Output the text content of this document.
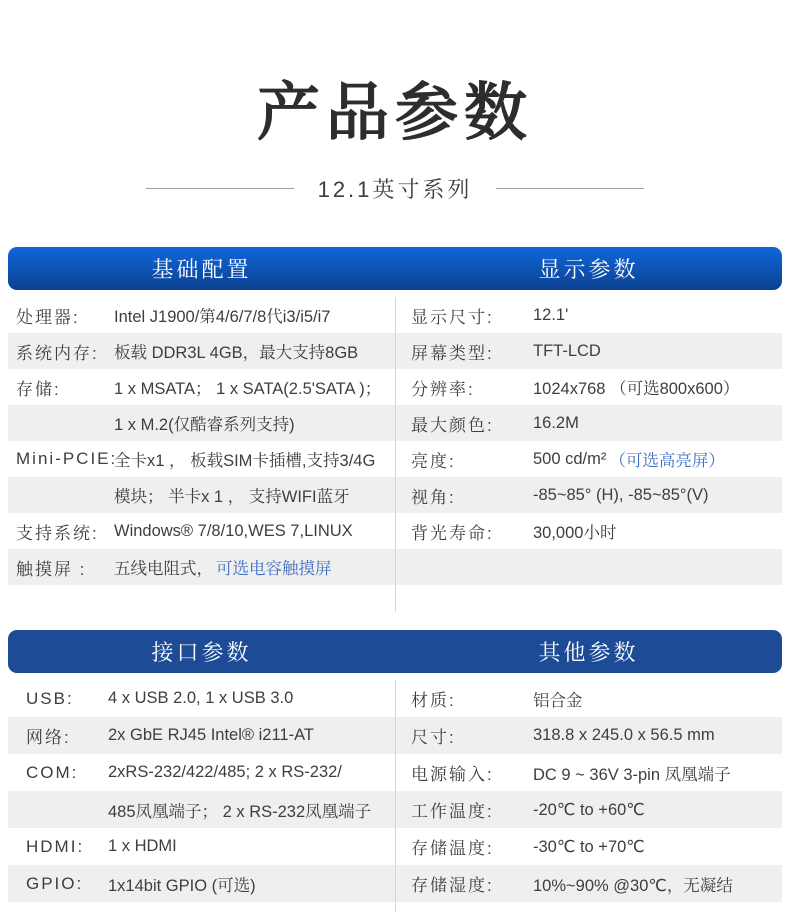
产品参数
12.1英寸系列
基础配置	显示参数
处理器:	Intel J1900/第4/6/7/8代i3/i5/i7
系统内存: 板载 DDR3L 4GB，最大支持8GB
存储:	1 x MSATA； 1 x SATA(2.5'SATA )；
1 x M.2(仅酷睿系列支持)
Mini-PCIE:
全卡x1 ， 板载SIM卡插槽,支持3/4G
模块； 半卡x 1 ， 支持WIFI蓝牙
支持系统: Windows® 7/8/10,WES 7,LINUX
触摸屏 :	五线电阻式， 可选电容触摸屏
显示尺寸:	12.1'
屏幕类型:	TFT-LCD
分辨率:	1024x768 （可选800x600）
最大颜色:	16.2M
亮度:	500 cd/m² （可选高亮屏）
视角:	-85~85° (H), -85~85°(V)
背光寿命:	30,000小时
接口参数	其他参数
USB:	4 x USB 2.0, 1 x USB 3.0
网络:	2x GbE RJ45 Intel® i211-AT
COM:	2xRS-232/422/485; 2 x RS-232/
485凤凰端子； 2 x RS-232凤凰端子
HDMI:	1 x HDMI
GPIO:	1x14bit GPIO (可选)
材质:	铝合金
尺寸:	318.8 x 245.0 x 56.5 mm
电源输入:	DC 9 ~ 36V 3-pin 凤凰端子
工作温度:	-20℃ to +60℃
存储温度:	-30℃ to +70℃
存储湿度:	10%~90% @30℃，无凝结
